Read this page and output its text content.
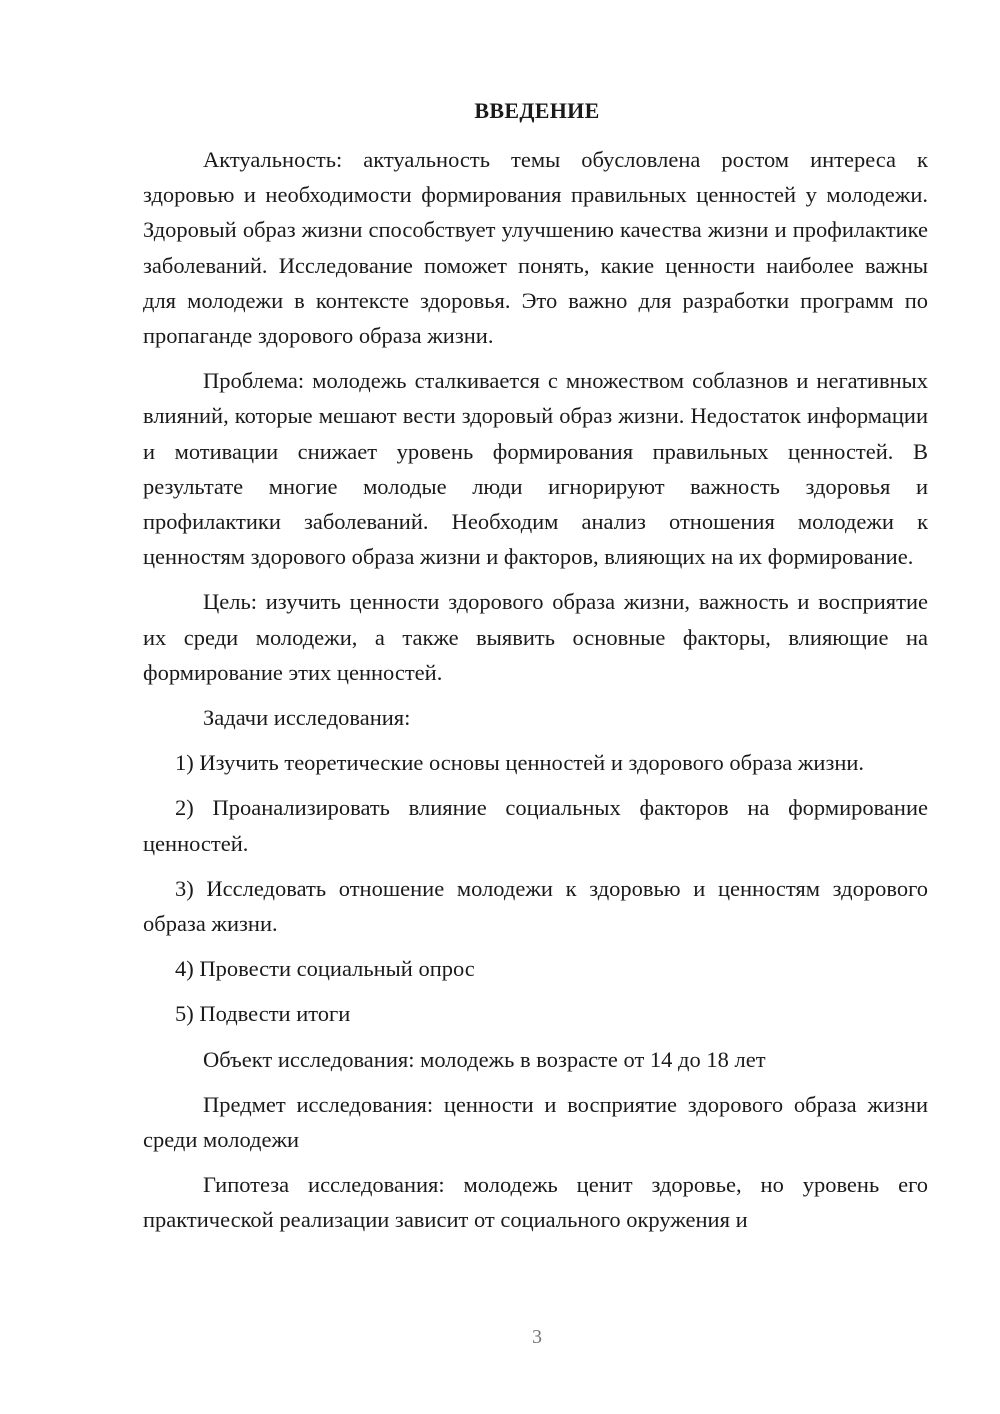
ВВЕДЕНИЕ

Актуальность: актуальность темы обусловлена ростом интереса к здоровью и необходимости формирования правильных ценностей у молодежи. Здоровый образ жизни способствует улучшению качества жизни и профилактике заболеваний. Исследование поможет понять, какие ценности наиболее важны для молодежи в контексте здоровья. Это важно для разработки программ по пропаганде здорового образа жизни.

Проблема: молодежь сталкивается с множеством соблазнов и негативных влияний, которые мешают вести здоровый образ жизни. Недостаток информации и мотивации снижает уровень формирования правильных ценностей. В результате многие молодые люди игнорируют важность здоровья и профилактики заболеваний. Необходим анализ отношения молодежи к ценностям здорового образа жизни и факторов, влияющих на их формирование.

Цель: изучить ценности здорового образа жизни, важность и восприятие их среди молодежи, а также выявить основные факторы, влияющие на формирование этих ценностей.

Задачи исследования:

1) Изучить теоретические основы ценностей и здорового образа жизни.

2) Проанализировать влияние социальных факторов на формирование ценностей.

3) Исследовать отношение молодежи к здоровью и ценностям здорового образа жизни.

4) Провести социальный опрос

5) Подвести итоги

Объект исследования: молодежь в возрасте от 14 до 18 лет

Предмет исследования: ценности и восприятие здорового образа жизни среди молодежи

Гипотеза исследования: молодежь ценит здоровье, но уровень его практической реализации зависит от социального окружения и

3
